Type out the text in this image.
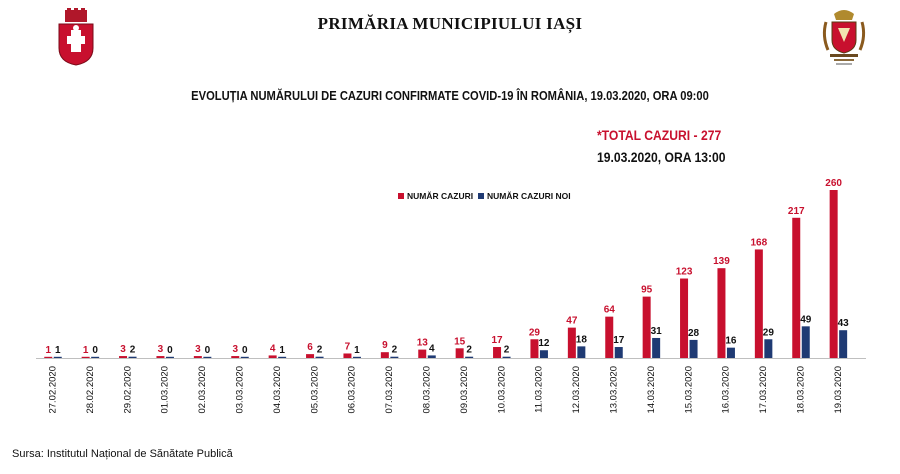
PRIMĂRIA MUNICIPIULUI IAȘI
EVOLUȚIA NUMĂRULUI DE CAZURI CONFIRMATE COVID-19 ÎN ROMÂNIA, 19.03.2020, ORA 09:00
*TOTAL CAZURI - 277
19.03.2020, ORA 13:00
NUMĂR CAZURI NUMĂR CAZURI NOI
1 1 1 0 3 2 3 0 3 0 3 0 4 1 6 2 7 1 9 2
13
4
15
2
17
2
29
12
47
18
64
17
95
31
123
28
139
16
168
29
217
49
260
43
27.02.2020	28.02.2020	29.02.2020	01.03.2020	02.03.2020	03.03.2020	04.03.2020	05.03.2020	06.03.2020	07.03.2020	08.03.2020	09.03.2020	10.03.2020	11.03.2020	12.03.2020	13.03.2020	14.03.2020	15.03.2020	16.03.2020	17.03.2020	18.03.2020	19.03.2020
Sursa: Institutul Național de Sănătate Publică
